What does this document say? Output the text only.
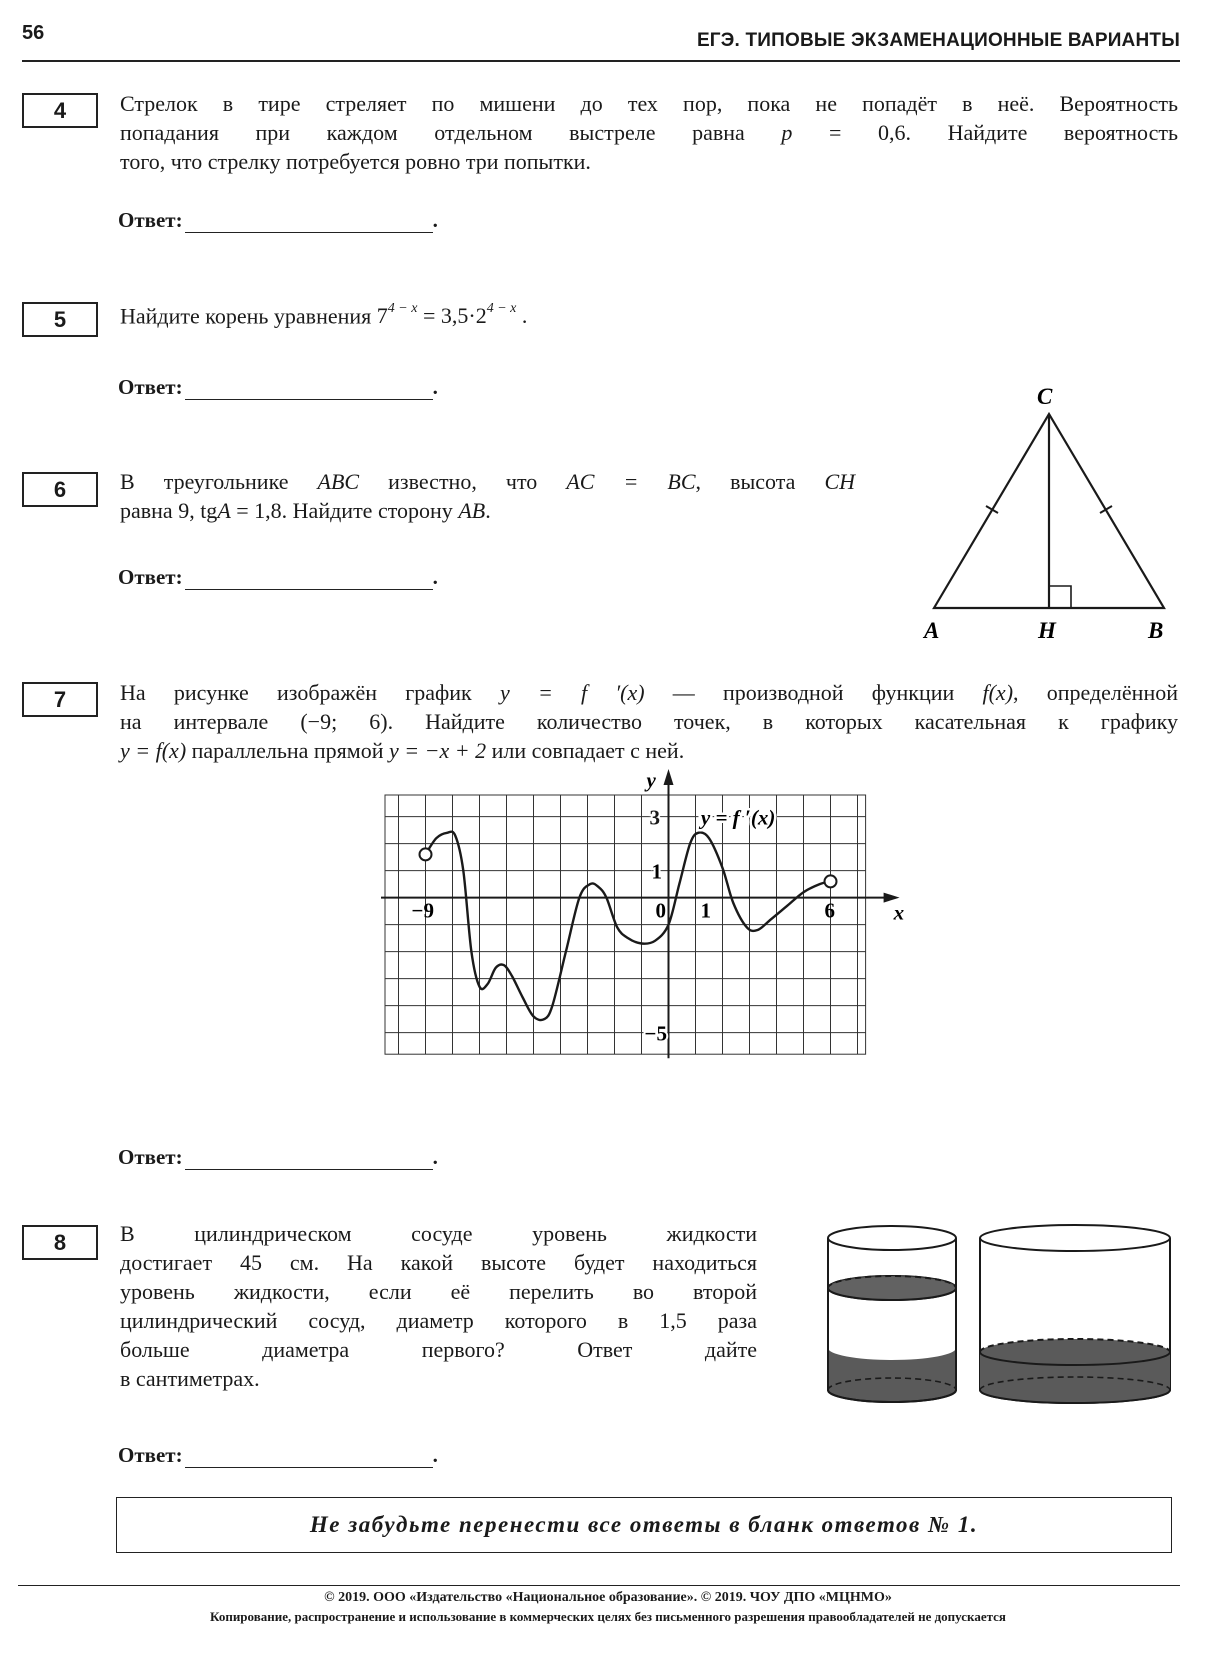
56	ЕГЭ. ТИПОВЫЕ ЭКЗАМЕНАЦИОННЫЕ ВАРИАНТЫ
4	Стрелок в тире стреляет по мишени до тех пор, пока не попадёт в неё. Вероятность
попадания при каждом отдельном выстреле равна p = 0,6. Найдите вероятность
того, что стрелку потребуется ровно три попытки.
Ответ:	.
5	Найдите корень уравнения $7^{4 - x} = 3,5\cdot 2^{4 - x}$ .
Ответ:	.
6	В треугольнике ABC известно, что AC = BC, высота CH
равна 9, tgA = 1,8. Найдите сторону AB.
Ответ:	.
C
A	H	B
7	На рисунке изображён график y = f ′(x) — производной функции f(x), определённой
на интервале (−9; 6). Найдите количество точек, в которых касательная к графику
y = f(x) параллельна прямой y = −x + 2 или совпадает с ней.
−9	0 1	6
3
1
−5
x
y
y = f ′(x)
Ответ:	.
8	В цилиндрическом сосуде уровень жидкости
достигает 45 см. На какой высоте будет находиться
уровень жидкости, если её перелить во второй
цилиндрический сосуд, диаметр которого в 1,5 раза
больше диаметра первого? Ответ дайте
в сантиметрах.
Ответ:	.
Не забудьте перенести все ответы в бланк ответов № 1.
© 2019. ООО «Издательство «Национальное образование». © 2019. ЧОУ ДПО «МЦНМО»
Копирование, распространение и использование в коммерческих целях без письменного разрешения правообладателей не допускается
